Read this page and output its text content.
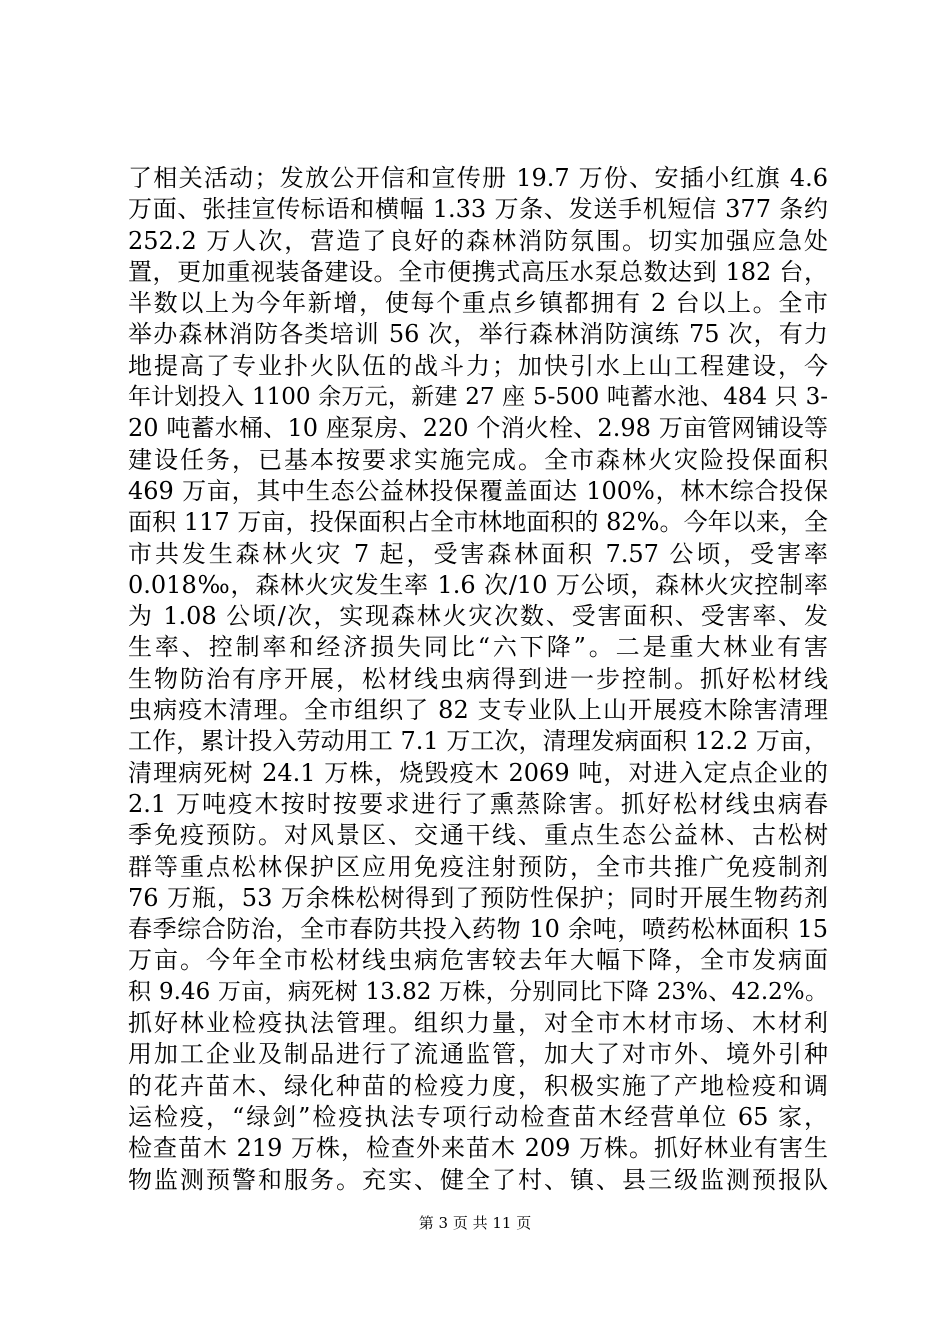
了相关活动；发放公开信和宣传册 19.7 万份、安插小红旗 4.6
万面、张挂宣传标语和横幅 1.33 万条、发送手机短信 377 条约
252.2 万人次，营造了良好的森林消防氛围。切实加强应急处
置，更加重视装备建设。全市便携式高压水泵总数达到 182 台，
半数以上为今年新增，使每个重点乡镇都拥有 2 台以上。全市
举办森林消防各类培训 56 次，举行森林消防演练 75 次，有力
地提高了专业扑火队伍的战斗力；加快引水上山工程建设，今
年计划投入 1100 余万元，新建 27 座 5-500 吨蓄水池、484 只 3-
20 吨蓄水桶、10 座泵房、220 个消火栓、2.98 万亩管网铺设等
建设任务，已基本按要求实施完成。全市森林火灾险投保面积
469 万亩，其中生态公益林投保覆盖面达 100%，林木综合投保
面积 117 万亩，投保面积占全市林地面积的 82%。今年以来，全
市共发生森林火灾 7 起，受害森林面积 7.57 公顷，受害率
0.018‰，森林火灾发生率 1.6 次/10 万公顷，森林火灾控制率
为 1.08 公顷/次，实现森林火灾次数、受害面积、受害率、发
生率、控制率和经济损失同比“六下降”。二是重大林业有害
生物防治有序开展，松材线虫病得到进一步控制。抓好松材线
虫病疫木清理。全市组织了 82 支专业队上山开展疫木除害清理
工作，累计投入劳动用工 7.1 万工次，清理发病面积 12.2 万亩，
清理病死树 24.1 万株，烧毁疫木 2069 吨，对进入定点企业的
2.1 万吨疫木按时按要求进行了熏蒸除害。抓好松材线虫病春
季免疫预防。对风景区、交通干线、重点生态公益林、古松树
群等重点松林保护区应用免疫注射预防，全市共推广免疫制剂
76 万瓶，53 万余株松树得到了预防性保护；同时开展生物药剂
春季综合防治，全市春防共投入药物 10 余吨，喷药松林面积 15
万亩。今年全市松材线虫病危害较去年大幅下降，全市发病面
积 9.46 万亩，病死树 13.82 万株，分别同比下降 23%、42.2%。
抓好林业检疫执法管理。组织力量，对全市木材市场、木材利
用加工企业及制品进行了流通监管，加大了对市外、境外引种
的花卉苗木、绿化种苗的检疫力度，积极实施了产地检疫和调
运检疫，“绿剑”检疫执法专项行动检查苗木经营单位 65 家，
检查苗木 219 万株，检查外来苗木 209 万株。抓好林业有害生
物监测预警和服务。充实、健全了村、镇、县三级监测预报队

第 3 页 共 11 页
